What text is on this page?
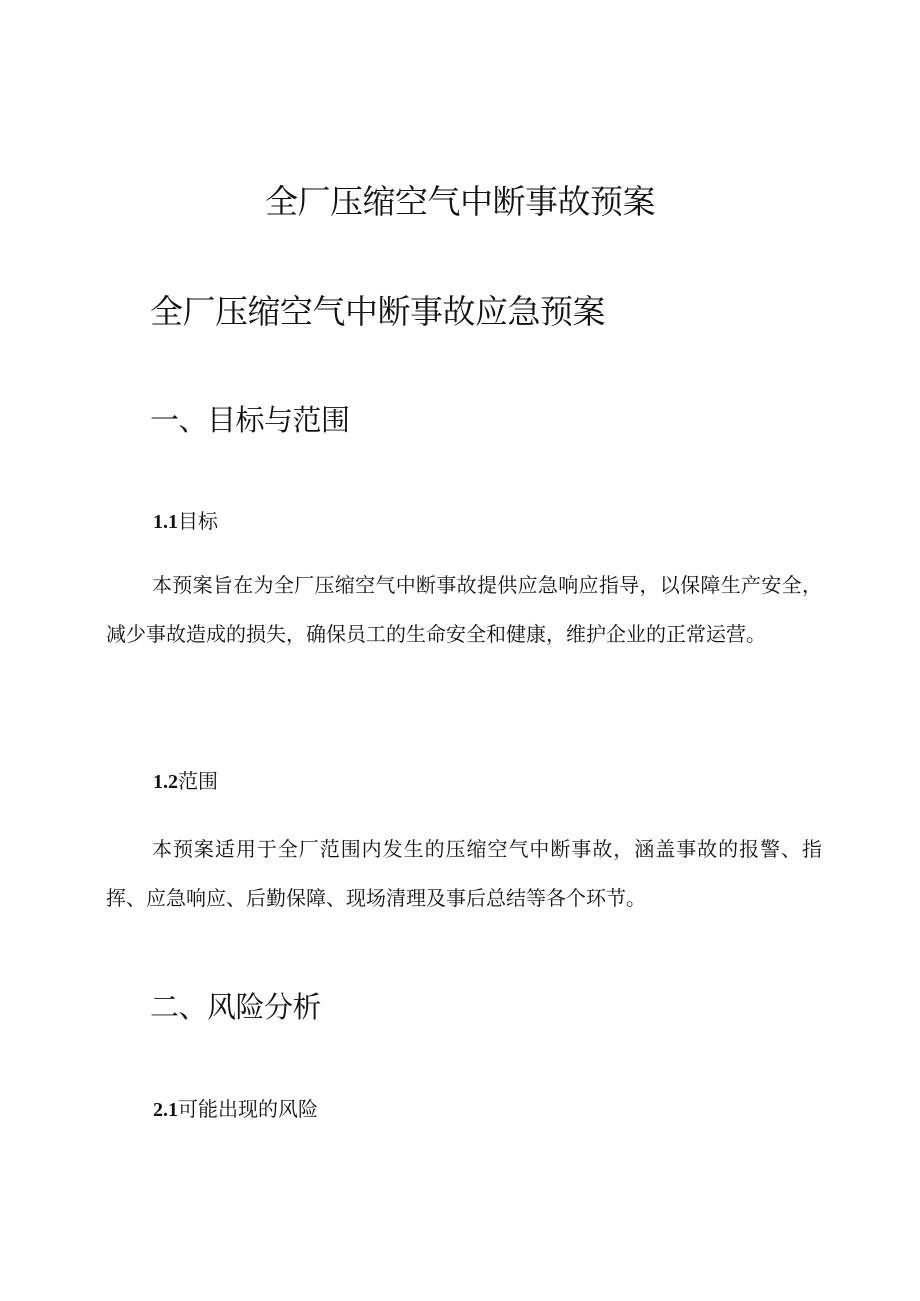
全厂压缩空气中断事故预案
全厂压缩空气中断事故应急预案
一、目标与范围
1.1目标

本预案旨在为全厂压缩空气中断事故提供应急响应指导，以保障生产安全，减少事故造成的损失，确保员工的生命安全和健康，维护企业的正常运营。

1.2范围

本预案适用于全厂范围内发生的压缩空气中断事故，涵盖事故的报警、指挥、应急响应、后勤保障、现场清理及事后总结等各个环节。

二、风险分析
2.1可能出现的风险
